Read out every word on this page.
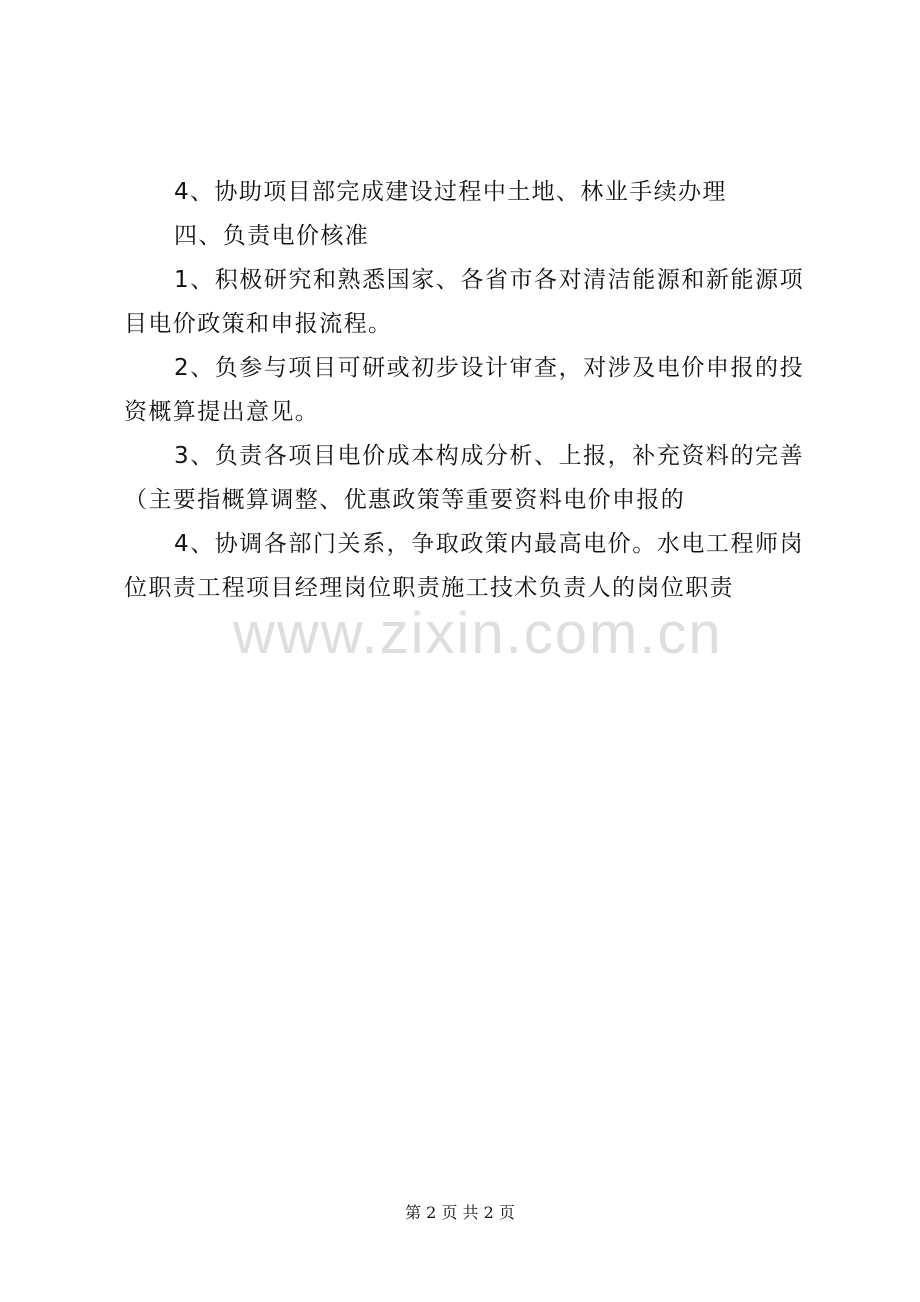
4、协助项目部完成建设过程中土地、林业手续办理

四、负责电价核准

1、积极研究和熟悉国家、各省市各对清洁能源和新能源项目电价政策和申报流程。

2、负参与项目可研或初步设计审查，对涉及电价申报的投资概算提出意见。

3、负责各项目电价成本构成分析、上报，补充资料的完善（主要指概算调整、优惠政策等重要资料电价申报的

4、协调各部门关系，争取政策内最高电价。水电工程师岗位职责工程项目经理岗位职责施工技术负责人的岗位职责

www.zixin.com.cn
第 2 页 共 2 页
